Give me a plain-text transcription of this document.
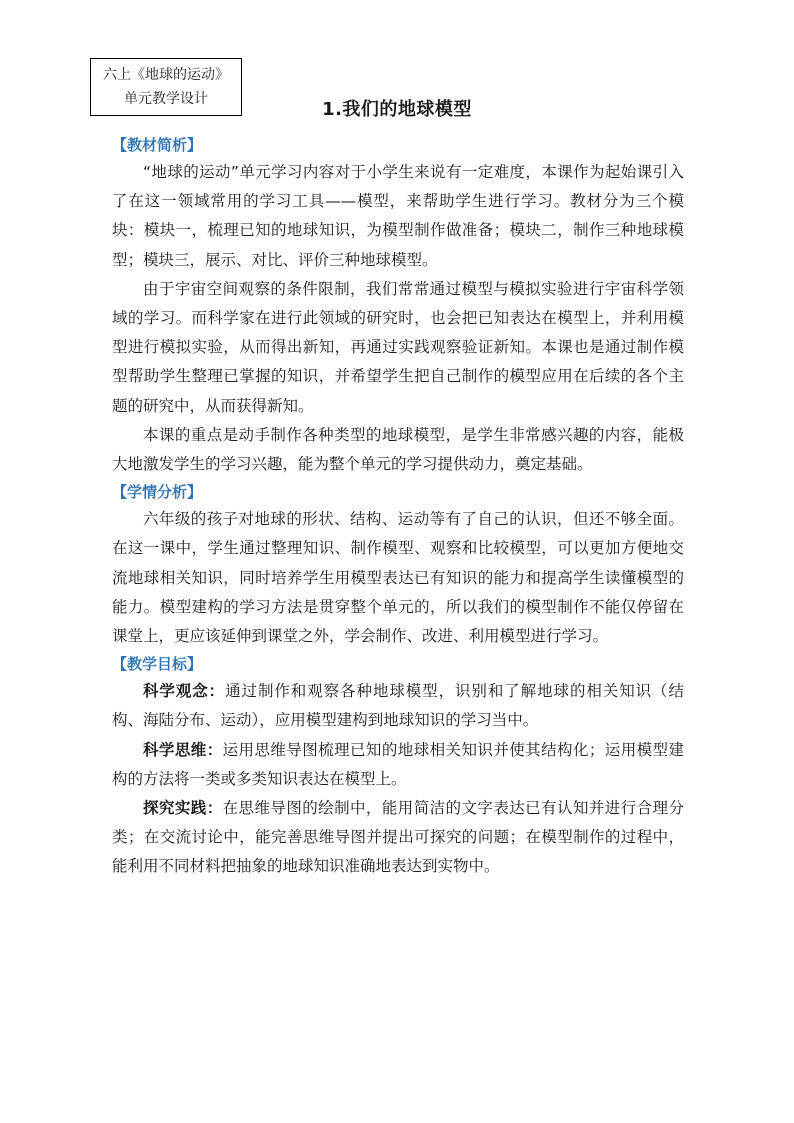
六上《地球的运动》
单元教学设计	1.我们的地球模型
【教材简析】

“地球的运动”单元学习内容对于小学生来说有一定难度，本课作为起始课引入了在这一领域常用的学习工具——模型，来帮助学生进行学习。教材分为三个模块：模块一，梳理已知的地球知识，为模型制作做准备；模块二，制作三种地球模型；模块三，展示、对比、评价三种地球模型。

由于宇宙空间观察的条件限制，我们常常通过模型与模拟实验进行宇宙科学领域的学习。而科学家在进行此领域的研究时，也会把已知表达在模型上，并利用模型进行模拟实验，从而得出新知，再通过实践观察验证新知。本课也是通过制作模型帮助学生整理已掌握的知识，并希望学生把自己制作的模型应用在后续的各个主题的研究中，从而获得新知。

本课的重点是动手制作各种类型的地球模型，是学生非常感兴趣的内容，能极大地激发学生的学习兴趣，能为整个单元的学习提供动力，奠定基础。

【学情分析】

六年级的孩子对地球的形状、结构、运动等有了自己的认识，但还不够全面。在这一课中，学生通过整理知识、制作模型、观察和比较模型，可以更加方便地交流地球相关知识，同时培养学生用模型表达已有知识的能力和提高学生读懂模型的能力。模型建构的学习方法是贯穿整个单元的，所以我们的模型制作不能仅停留在课堂上，更应该延伸到课堂之外，学会制作、改进、利用模型进行学习。

【教学目标】

科学观念：通过制作和观察各种地球模型，识别和了解地球的相关知识（结构、海陆分布、运动），应用模型建构到地球知识的学习当中。

科学思维：运用思维导图梳理已知的地球相关知识并使其结构化；运用模型建构的方法将一类或多类知识表达在模型上。

探究实践：在思维导图的绘制中，能用简洁的文字表达已有认知并进行合理分类；在交流讨论中，能完善思维导图并提出可探究的问题；在模型制作的过程中，能利用不同材料把抽象的地球知识准确地表达到实物中。
